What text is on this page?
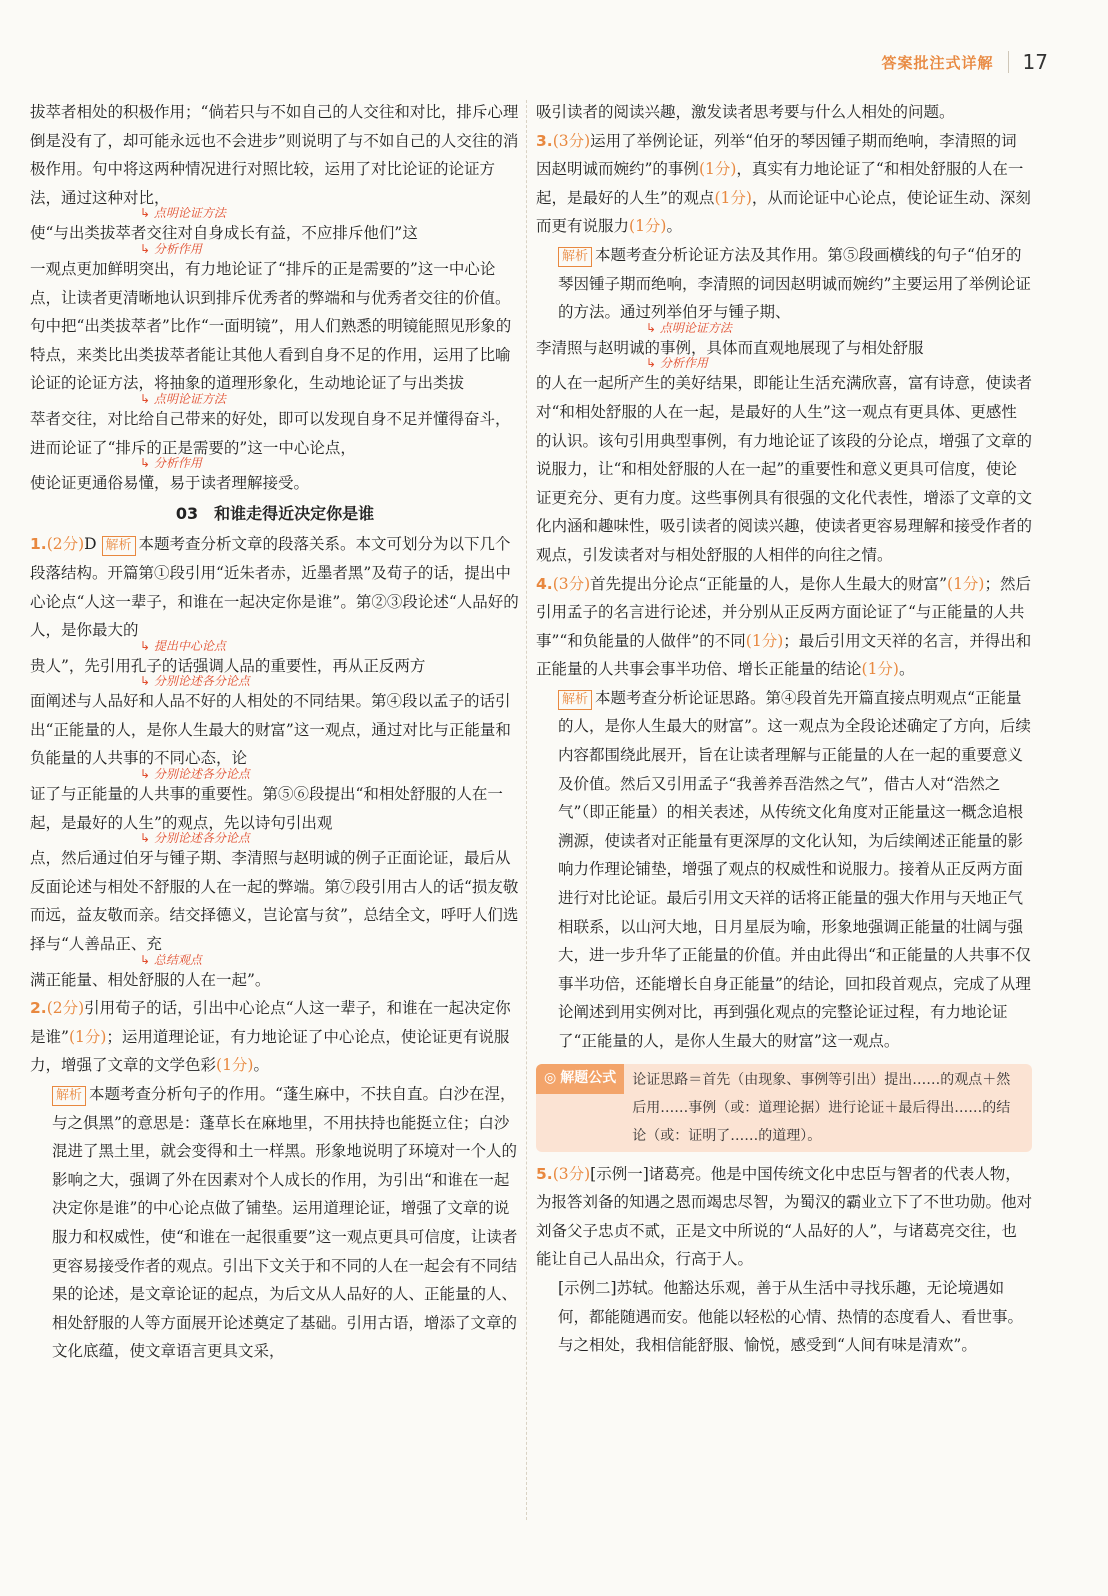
答案批注式详解 17

拔萃者相处的积极作用；“倘若只与不如自己的人交往和对比，排斥心理倒是没有了，却可能永远也不会进步”则说明了与不如自己的人交往的消极作用。句中将这两种情况进行对照比较，运用了对比论证的论证方法，通过这种对比，

↳ 点明论证方法

使“与出类拔萃者交往对自身成长有益，不应排斥他们”这

↳ 分析作用

一观点更加鲜明突出，有力地论证了“排斥的正是需要的”这一中心论点，让读者更清晰地认识到排斥优秀者的弊端和与优秀者交往的价值。句中把“出类拔萃者”比作“一面明镜”，用人们熟悉的明镜能照见形象的特点，来类比出类拔萃者能让其他人看到自身不足的作用，运用了比喻论证的论证方法，将抽象的道理形象化，生动地论证了与出类拔

↳ 点明论证方法

萃者交往，对比给自己带来的好处，即可以发现自身不足并懂得奋斗，进而论证了“排斥的正是需要的”这一中心论点，

↳ 分析作用

使论证更通俗易懂，易于读者理解接受。

03　和谁走得近决定你是谁

1.(2分)D 解析 本题考查分析文章的段落关系。本文可划分为以下几个段落结构。开篇第①段引用“近朱者赤，近墨者黑”及荀子的话，提出中心论点“人这一辈子，和谁在一起决定你是谁”。第②③段论述“人品好的人，是你最大的

↳ 提出中心论点

贵人”，先引用孔子的话强调人品的重要性，再从正反两方

↳ 分别论述各分论点

面阐述与人品好和人品不好的人相处的不同结果。第④段以孟子的话引出“正能量的人，是你人生最大的财富”这一观点，通过对比与正能量和负能量的人共事的不同心态，论

↳ 分别论述各分论点

证了与正能量的人共事的重要性。第⑤⑥段提出“和相处舒服的人在一起，是最好的人生”的观点，先以诗句引出观

↳ 分别论述各分论点

点，然后通过伯牙与锺子期、李清照与赵明诚的例子正面论证，最后从反面论述与相处不舒服的人在一起的弊端。第⑦段引用古人的话“损友敬而远，益友敬而亲。结交择德义，岂论富与贫”，总结全文，呼吁人们选择与“人善品正、充

↳ 总结观点

满正能量、相处舒服的人在一起”。

2.(2分)引用荀子的话，引出中心论点“人这一辈子，和谁在一起决定你是谁”(1分)；运用道理论证，有力地论证了中心论点，使论证更有说服力，增强了文章的文学色彩(1分)。

解析 本题考查分析句子的作用。“蓬生麻中，不扶自直。白沙在涅，与之俱黑”的意思是：蓬草长在麻地里，不用扶持也能挺立住；白沙混进了黑土里，就会变得和土一样黑。形象地说明了环境对一个人的影响之大，强调了外在因素对个人成长的作用，为引出“和谁在一起决定你是谁”的中心论点做了铺垫。运用道理论证，增强了文章的说服力和权威性，使“和谁在一起很重要”这一观点更具可信度，让读者更容易接受作者的观点。引出下文关于和不同的人在一起会有不同结果的论述，是文章论证的起点，为后文从人品好的人、正能量的人、相处舒服的人等方面展开论述奠定了基础。引用古语，增添了文章的文化底蕴，使文章语言更具文采，

吸引读者的阅读兴趣，激发读者思考要与什么人相处的问题。

3.(3分)运用了举例论证，列举“伯牙的琴因锺子期而绝响，李清照的词因赵明诚而婉约”的事例(1分)，真实有力地论证了“和相处舒服的人在一起，是最好的人生”的观点(1分)，从而论证中心论点，使论证生动、深刻而更有说服力(1分)。

解析 本题考查分析论证方法及其作用。第⑤段画横线的句子“伯牙的琴因锺子期而绝响，李清照的词因赵明诚而婉约”主要运用了举例论证的方法。通过列举伯牙与锺子期、

↳ 点明论证方法

李清照与赵明诚的事例，具体而直观地展现了与相处舒服

↳ 分析作用

的人在一起所产生的美好结果，即能让生活充满欣喜，富有诗意，使读者对“和相处舒服的人在一起，是最好的人生”这一观点有更具体、更感性的认识。该句引用典型事例，有力地论证了该段的分论点，增强了文章的说服力，让“和相处舒服的人在一起”的重要性和意义更具可信度，使论证更充分、更有力度。这些事例具有很强的文化代表性，增添了文章的文化内涵和趣味性，吸引读者的阅读兴趣，使读者更容易理解和接受作者的观点，引发读者对与相处舒服的人相伴的向往之情。

4.(3分)首先提出分论点“正能量的人，是你人生最大的财富”(1分)；然后引用孟子的名言进行论述，并分别从正反两方面论证了“与正能量的人共事”“和负能量的人做伴”的不同(1分)；最后引用文天祥的名言，并得出和正能量的人共事会事半功倍、增长正能量的结论(1分)。

解析 本题考查分析论证思路。第④段首先开篇直接点明观点“正能量的人，是你人生最大的财富”。这一观点为全段论述确定了方向，后续内容都围绕此展开，旨在让读者理解与正能量的人在一起的重要意义及价值。然后又引用孟子“我善养吾浩然之气”，借古人对“浩然之气”（即正能量）的相关表述，从传统文化角度对正能量这一概念追根溯源，使读者对正能量有更深厚的文化认知，为后续阐述正能量的影响力作理论铺垫，增强了观点的权威性和说服力。接着从正反两方面进行对比论证。最后引用文天祥的话将正能量的强大作用与天地正气相联系，以山河大地，日月星辰为喻，形象地强调正能量的壮阔与强大，进一步升华了正能量的价值。并由此得出“和正能量的人共事不仅事半功倍，还能增长自身正能量”的结论，回扣段首观点，完成了从理论阐述到用实例对比，再到强化观点的完整论证过程，有力地论证了“正能量的人，是你人生最大的财富”这一观点。

◎ 解题公式	论证思路＝首先（由现象、事例等引出）提出……的观点＋然后用……事例（或：道理论据）进行论证＋最后得出……的结论（或：证明了……的道理）。

5.(3分)[示例一]诸葛亮。他是中国传统文化中忠臣与智者的代表人物，为报答刘备的知遇之恩而竭忠尽智，为蜀汉的霸业立下了不世功勋。他对刘备父子忠贞不贰，正是文中所说的“人品好的人”，与诸葛亮交往，也能让自己人品出众，行高于人。

[示例二]苏轼。他豁达乐观，善于从生活中寻找乐趣，无论境遇如何，都能随遇而安。他能以轻松的心情、热情的态度看人、看世事。与之相处，我相信能舒服、愉悦，感受到“人间有味是清欢”。
